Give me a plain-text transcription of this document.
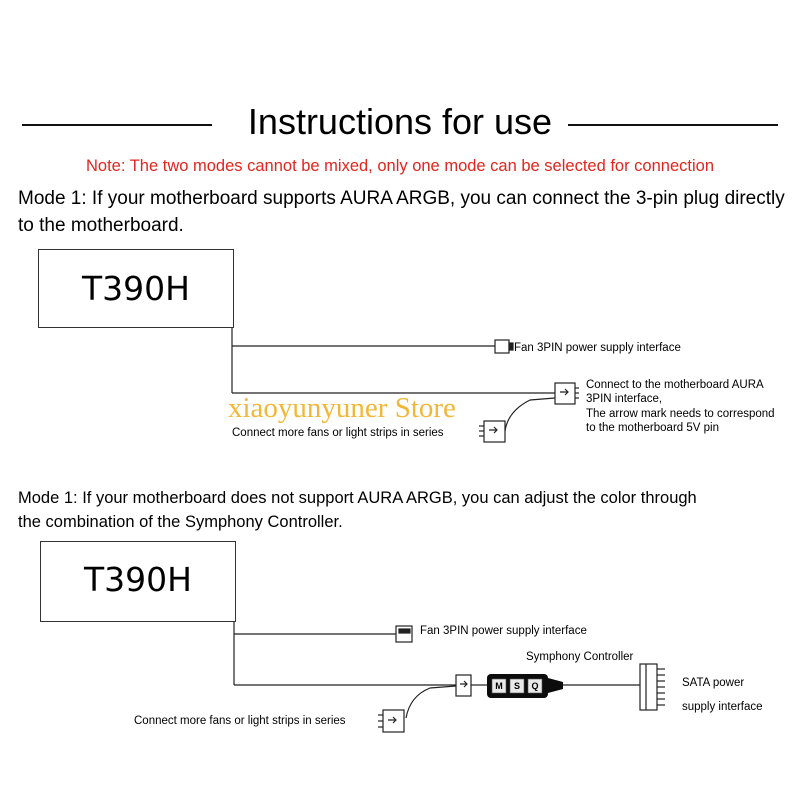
Instructions for use
Note: The two modes cannot be mixed, only one mode can be selected for connection
Mode 1: If your motherboard supports AURA ARGB, you can connect the 3-pin plug directly to the motherboard.
T390H
Fan 3PIN power supply interface
Connect to the motherboard AURA
3PIN interface,
The arrow mark needs to correspond
to the motherboard 5V pin
Connect more fans or light strips in series
xiaoyunyuner Store
Mode 1: If your motherboard does not support AURA ARGB, you can adjust the color through the combination of the Symphony Controller.
T390H
Fan 3PIN power supply interface
Symphony Controller
M	S	Q	SATA power
supply interface
Connect more fans or light strips in series
